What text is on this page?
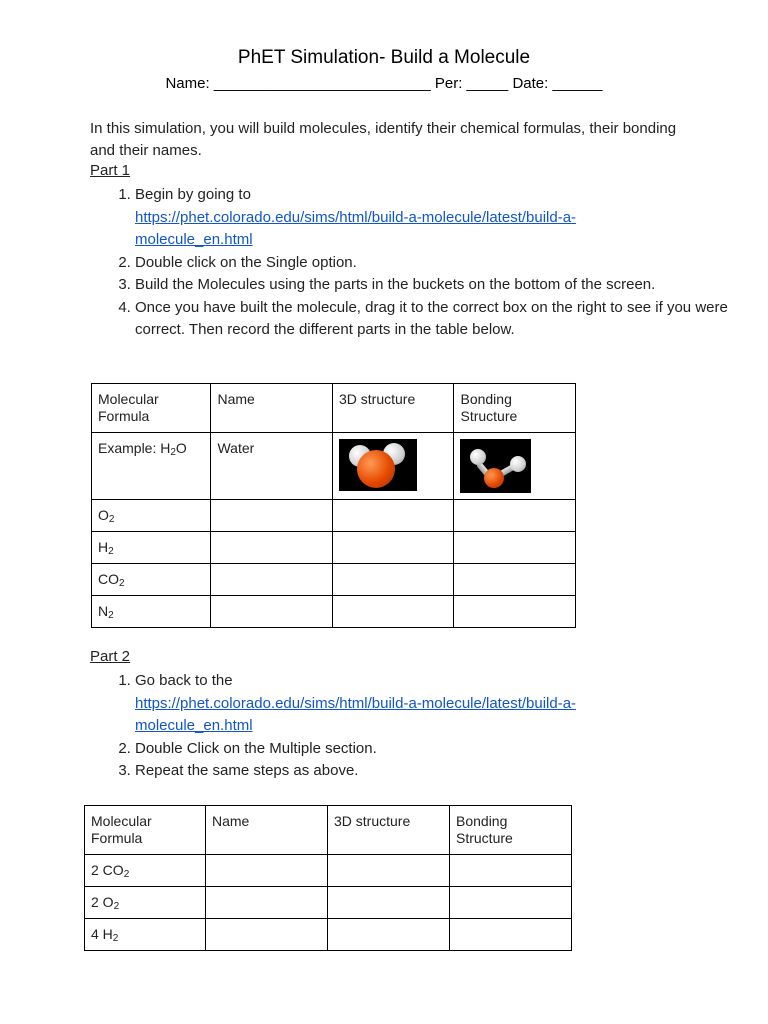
PhET Simulation- Build a Molecule
Name: __________________________ Per: _____ Date: ______

In this simulation, you will build molecules, identify their chemical formulas, their bonding and their names.

Part 1

1. Begin by going to
https://phet.colorado.edu/sims/html/build-a-molecule/latest/build-a-
molecule_en.html
2. Double click on the Single option.
3. Build the Molecules using the parts in the buckets on the bottom of the screen.
4. Once you have built the molecule, drag it to the correct box on the right to see if you were correct. Then record the different parts in the table below.
Molecular Formula	Name	3D structure	Bonding Structure
Example: $H_2O$	Water	

$O_2$			
$H_2$			
$CO_2$			
$N_2$			

Part 2

1. Go back to the
https://phet.colorado.edu/sims/html/build-a-molecule/latest/build-a-
molecule_en.html
2. Double Click on the Multiple section.
3. Repeat the same steps as above.
Molecular Formula	Name	3D structure	Bonding Structure
2 $CO_2$			
2 $O_2$			
4 $H_2$			
